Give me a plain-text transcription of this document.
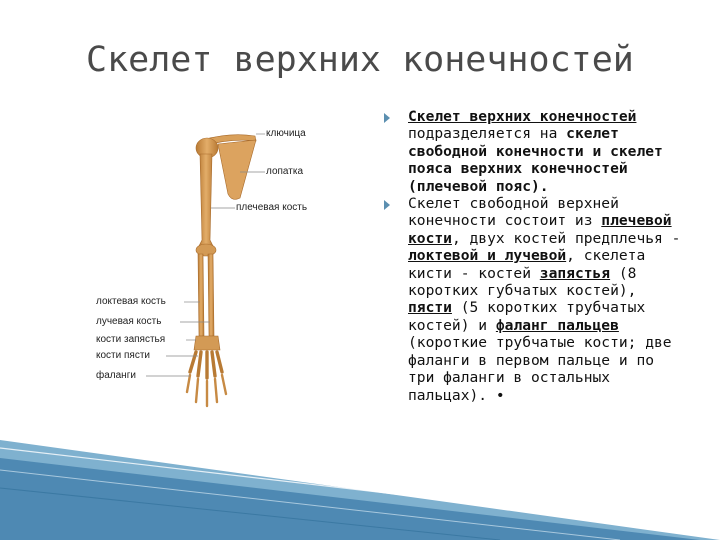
Скелет верхних конечностей
ключица
лопатка
плечевая кость
локтевая кость
лучевая кость
кости запястья
кости пясти
фаланги

Скелет верхних конечностей подразделяется на скелет свободной конечности и скелет пояса верхних конечностей (плечевой пояс).

Скелет свободной верхней конечности состоит из плечевой кости, двух костей предплечья - локтевой и лучевой, скелета кисти - костей запястья (8 коротких губчатых костей), пясти (5 коротких трубчатых костей) и фаланг пальцев (короткие трубчатые кости; две фаланги в первом пальце и по три фаланги в остальных пальцах). •
